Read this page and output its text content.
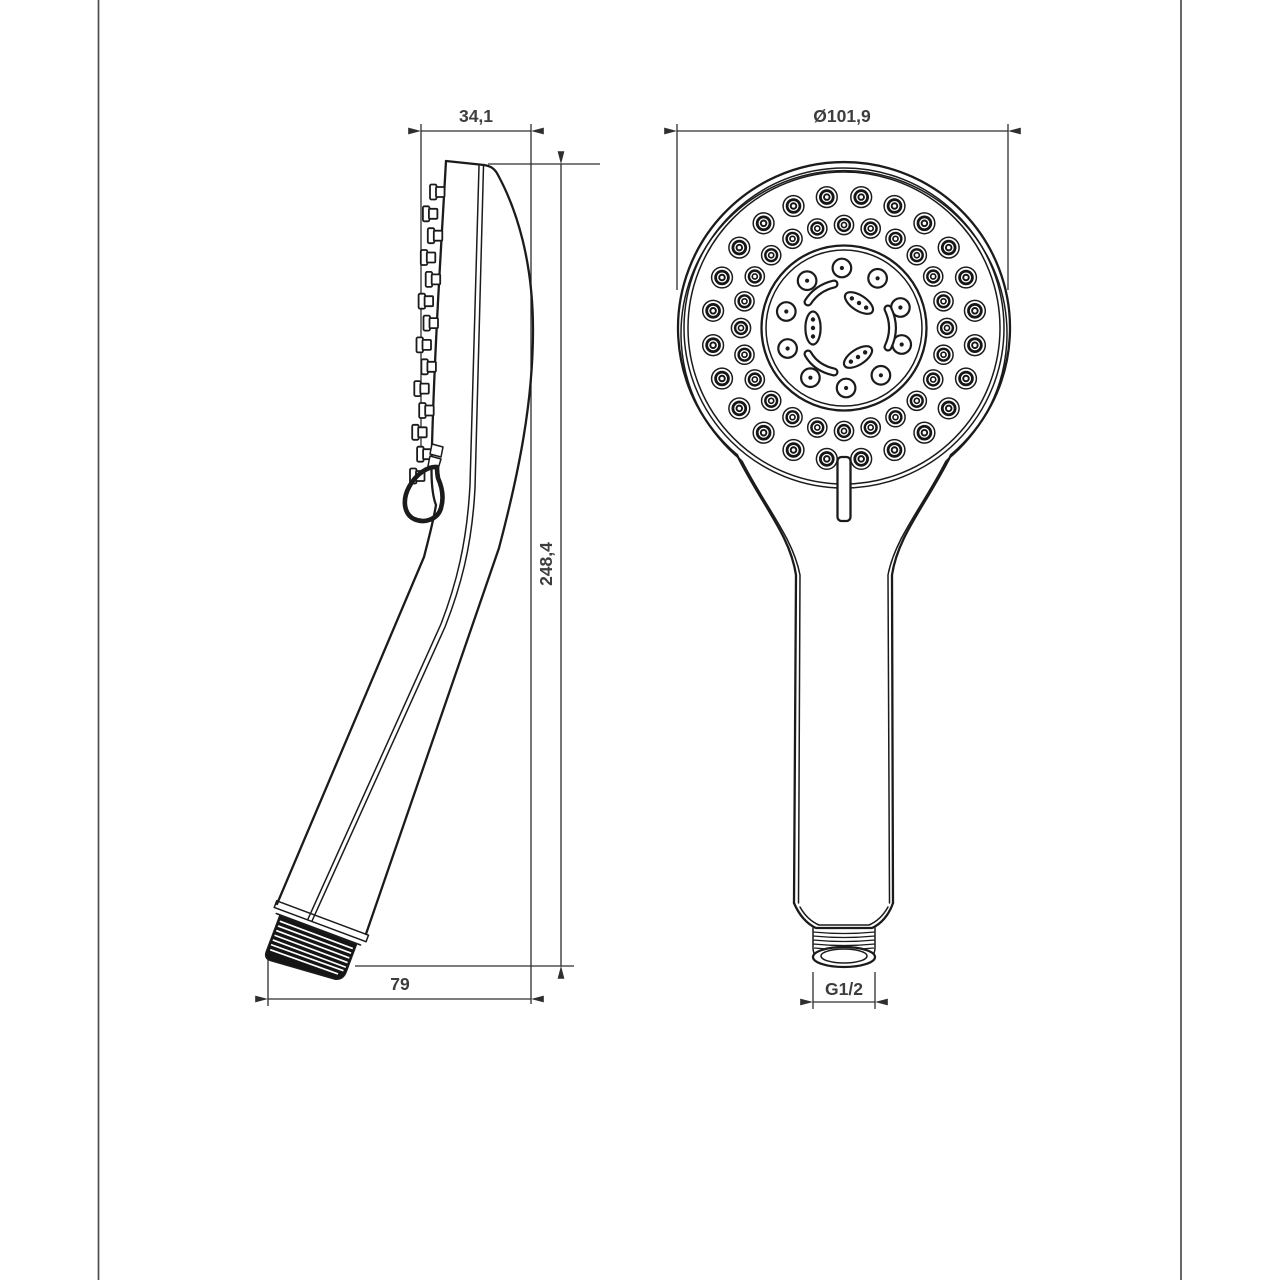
34,1
248,4
79
Ø101,9
G1/2
